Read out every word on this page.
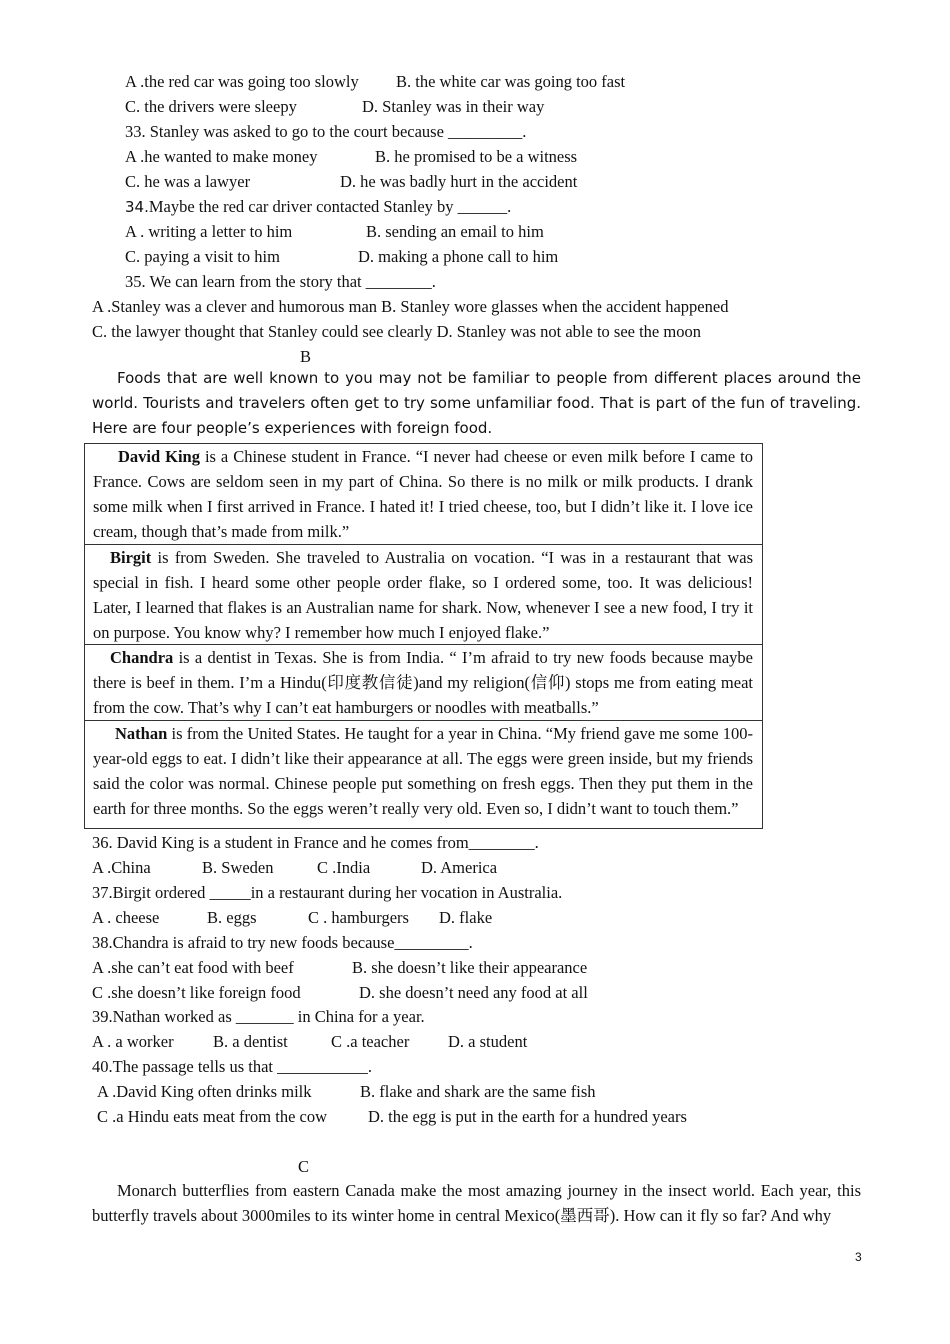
A .the red car was going too slowly B. the white car was going too fast
C. the drivers were sleepy	D. Stanley was in their way
33. Stanley was asked to go to the court because _________.
A .he wanted to make money	B. he promised to be a witness
C. he was a lawyer	D. he was badly hurt in the accident
34.Maybe the red car driver contacted Stanley by ______.
A . writing a letter to him	B. sending an email to him
C. paying a visit to him	D. making a phone call to him
35. We can learn from the story that ________.
A .Stanley was a clever and humorous man B. Stanley wore glasses when the accident happened
C. the lawyer thought that Stanley could see clearly D. Stanley was not able to see the moon
B
Foods that are well known to you may not be familiar to people from different places around the world. Tourists and travelers often get to try some unfamiliar food. That is part of the fun of traveling. Here are four people’s experiences with foreign food.
David King is a Chinese student in France. “I never had cheese or even milk before I came to France. Cows are seldom seen in my part of China. So there is no milk or milk products. I drank some milk when I first arrived in France. I hated it! I tried cheese, too, but I didn’t like it. I love ice cream, though that’s made from milk.”
Birgit is from Sweden. She traveled to Australia on vocation. “I was in a restaurant that was special in fish. I heard some other people order flake, so I ordered some, too. It was delicious! Later, I learned that flakes is an Australian name for shark. Now, whenever I see a new food, I try it on purpose. You know why? I remember how much I enjoyed flake.”
Chandra is a dentist in Texas. She is from India. “ I’m afraid to try new foods because maybe there is beef in them. I’m a Hindu(印度教信徒)and my religion(信仰) stops me from eating meat from the cow. That’s why I can’t eat hamburgers or noodles with meatballs.”
Nathan is from the United States. He taught for a year in China. “My friend gave me some 100-year-old eggs to eat. I didn’t like their appearance at all. The eggs were green inside, but my friends said the color was normal. Chinese people put something on fresh eggs. Then they put them in the earth for three months. So the eggs weren’t really very old. Even so, I didn’t want to touch them.”
36. David King is a student in France and he comes from________.
A .China	B. Sweden	C .India	D. America
37.Birgit ordered _____in a restaurant during her vocation in Australia.
A . cheese	B. eggs	C . hamburgers D. flake
38.Chandra is afraid to try new foods because_________.
A .she can’t eat food with beef	B. she doesn’t like their appearance
C .she doesn’t like foreign food	D. she doesn’t need any food at all
39.Nathan worked as _______ in China for a year.
A . a worker B. a dentist	C .a teacher D. a student
40.The passage tells us that ___________.
A .David King often drinks milk	B. flake and shark are the same fish
C .a Hindu eats meat from the cow D. the egg is put in the earth for a hundred years
C
Monarch butterflies from eastern Canada make the most amazing journey in the insect world. Each year, this butterfly travels about 3000miles to its winter home in central Mexico(墨西哥). How can it fly so far? And why
3
